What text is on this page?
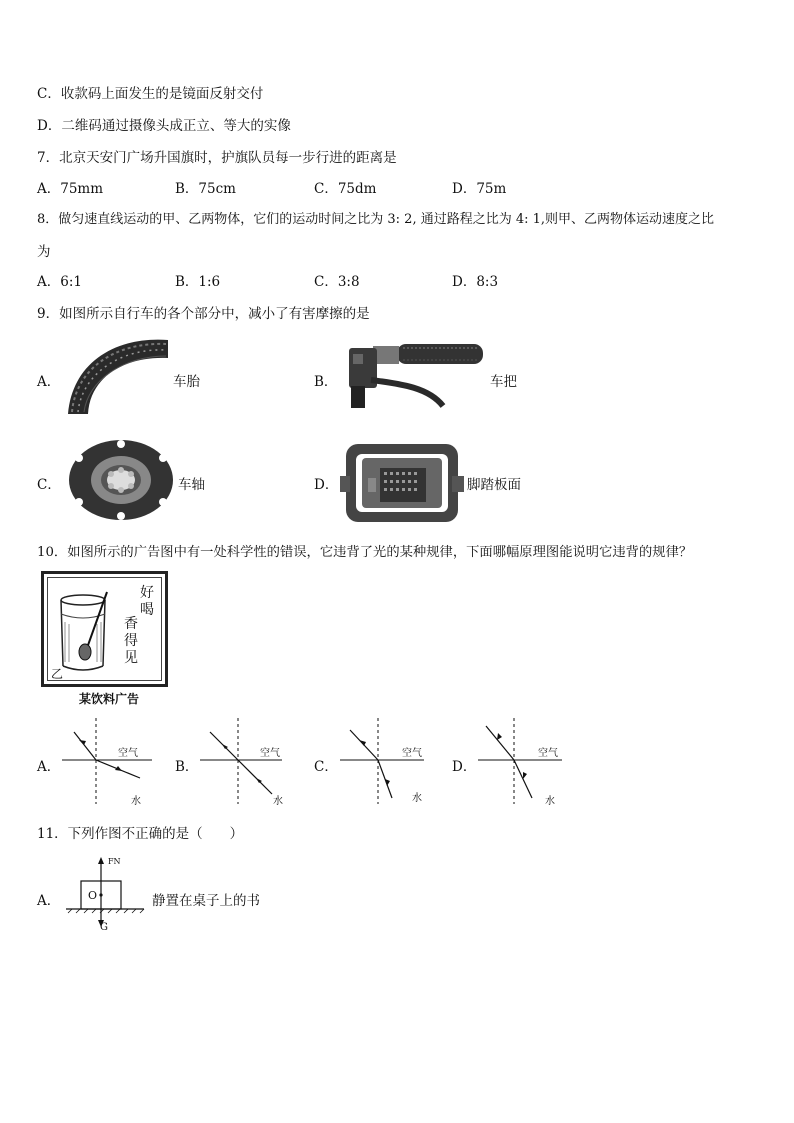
C．收款码上面发生的是镜面反射交付
D．二维码通过摄像头成正立、等大的实像
7．北京天安门广场升国旗时，护旗队员每一步行进的距离是
A．75mm	B．75cm	C．75dm	D．75m
8．做匀速直线运动的甲、乙两物体，它们的运动时间之比为 3: 2, 通过路程之比为 4: 1,则甲、乙两物体运动速度之比
为
A．6:1	B．1:6	C．3:8	D．8:3
9．如图所示自行车的各个部分中，减小了有害摩擦的是
A．	车胎	B．	车把
C．	车轴	D．	脚踏板面
10．如图所示的广告图中有一处科学性的错误，它违背了光的某种规律，下面哪幅原理图能说明它违背的规律？
好
喝
香
得
见
乙
某饮料广告
A．
空气
水
B．
空气
水
C．
空气
水
D．
空气
水
11．下列作图不正确的是（　　）
A．	O
FN
G
静置在桌子上的书
